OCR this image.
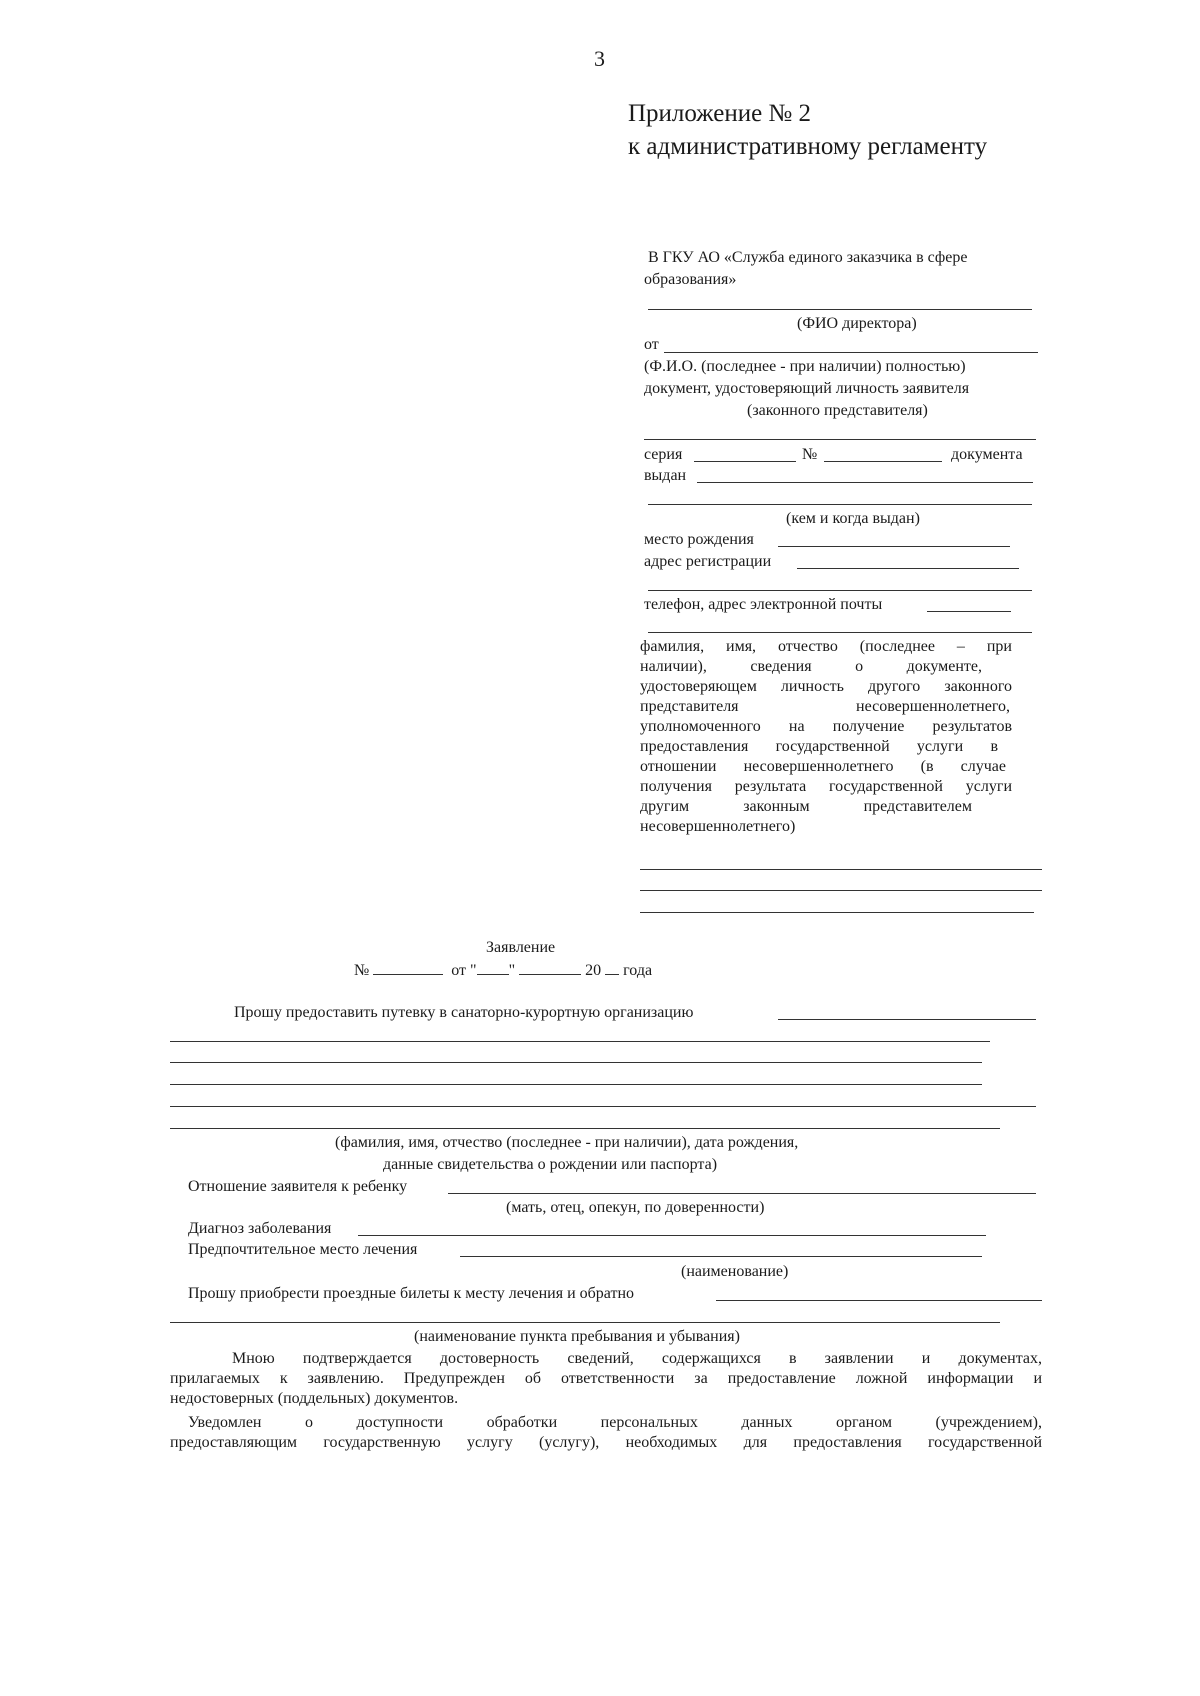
3
Приложение № 2
к административному регламенту
В ГКУ АО «Служба единого заказчика в сфере
образования»
(ФИО директора)
от
(Ф.И.О. (последнее - при наличии) полностью)
документ, удостоверяющий личность заявителя
(законного представителя)
серия	№	документа
выдан
(кем и когда выдан)
место рождения
адрес регистрации
телефон, адрес электронной почты
фамилия, имя, отчество (последнее – при
наличии), сведения о документе,
удостоверяющем личность другого законного
представителя несовершеннолетнего,
уполномоченного на получение результатов
предоставления государственной услуги в
отношении несовершеннолетнего (в случае
получения результата государственной услуги
другим законным представителем
несовершеннолетнего)
Заявление
№	от " "	20 года
Прошу предоставить путевку в санаторно-курортную организацию
(фамилия, имя, отчество (последнее - при наличии), дата рождения,
данные свидетельства о рождении или паспорта)
Отношение заявителя к ребенку
(мать, отец, опекун, по доверенности)
Диагноз заболевания
Предпочтительное место лечения
(наименование)
Прошу приобрести проездные билеты к месту лечения и обратно
(наименование пункта пребывания и убывания)
Мною подтверждается достоверность сведений, содержащихся в заявлении и документах,
прилагаемых к заявлению. Предупрежден об ответственности за предоставление ложной информации и
недостоверных (поддельных) документов.
Уведомлен о доступности обработки персональных данных органом (учреждением),
предоставляющим государственную услугу (услугу), необходимых для предоставления государственной
